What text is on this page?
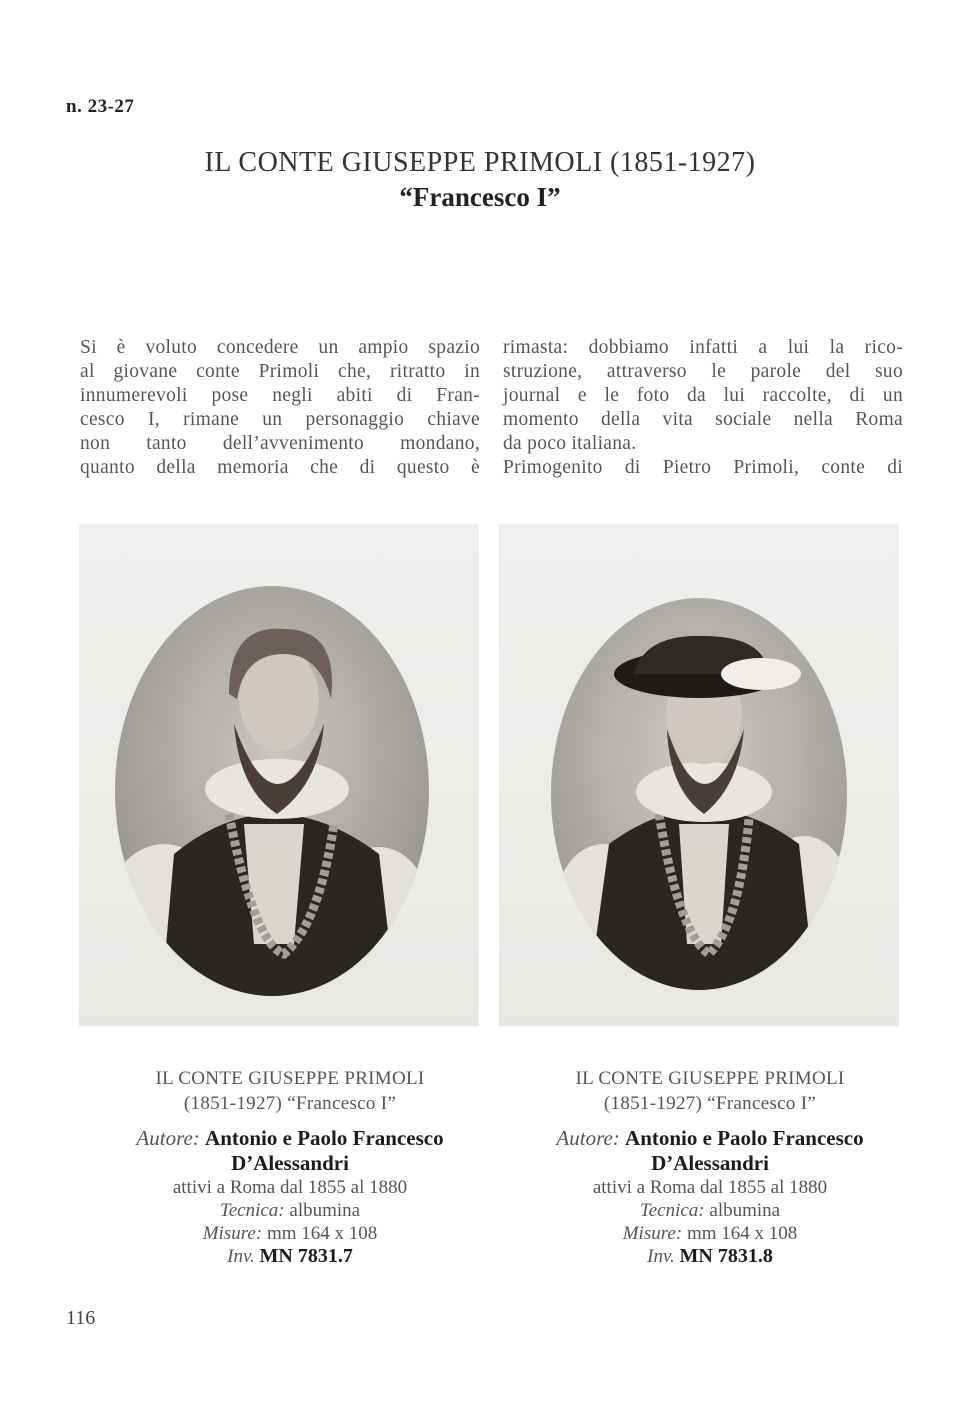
n. 23-27
IL CONTE GIUSEPPE PRIMOLI (1851-1927)
“Francesco I”
Si è voluto concedere un ampio spazio
al giovane conte Primoli che, ritratto in
innumerevoli pose negli abiti di Fran-
cesco I, rimane un personaggio chiave
non tanto dell’avvenimento mondano,
quanto della memoria che di questo è
rimasta: dobbiamo infatti a lui la rico-
struzione, attraverso le parole del suo
journal e le foto da lui raccolte, di un
momento della vita sociale nella Roma
da poco italiana.
Primogenito di Pietro Primoli, conte di
IL CONTE GIUSEPPE PRIMOLI
(1851-1927) “Francesco I”
Autore: Antonio e Paolo Francesco
D’Alessandri
attivi a Roma dal 1855 al 1880
Tecnica: albumina
Misure: mm 164 x 108
Inv. MN 7831.7
IL CONTE GIUSEPPE PRIMOLI
(1851-1927) “Francesco I”
Autore: Antonio e Paolo Francesco
D’Alessandri
attivi a Roma dal 1855 al 1880
Tecnica: albumina
Misure: mm 164 x 108
Inv. MN 7831.8
116
